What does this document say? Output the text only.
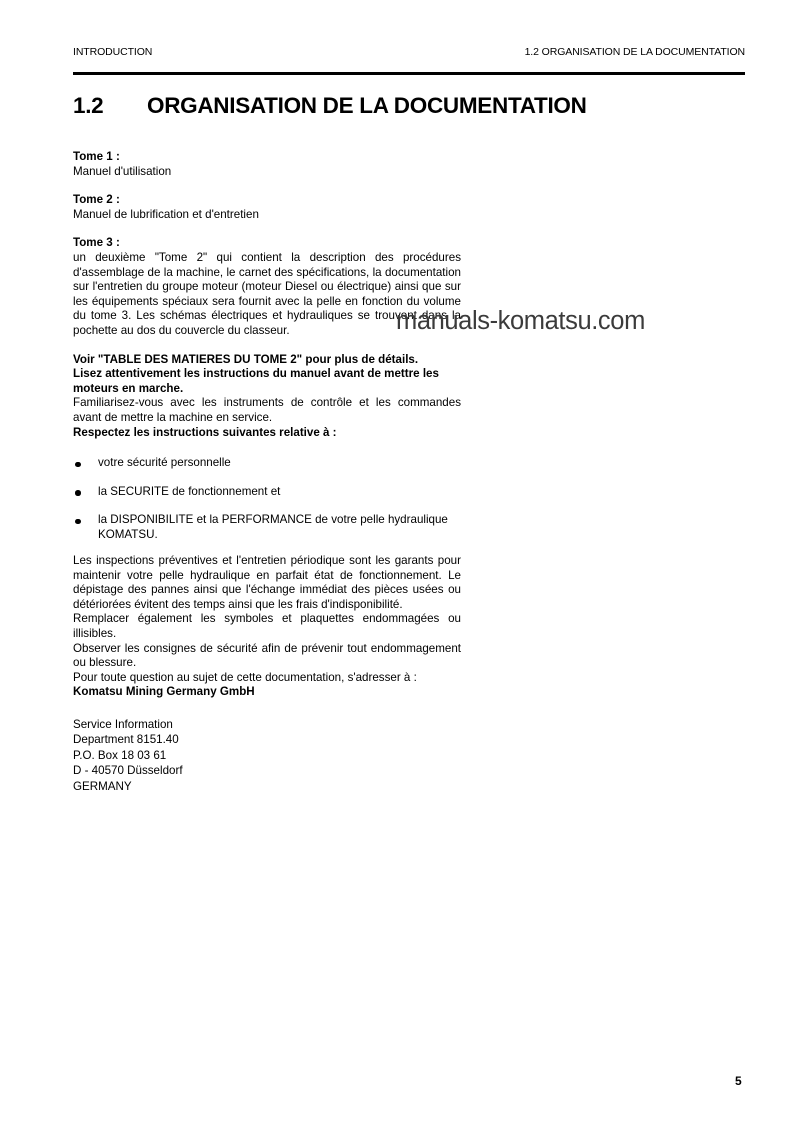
INTRODUCTION	1.2 ORGANISATION DE LA DOCUMENTATION
1.2	ORGANISATION DE LA DOCUMENTATION

Tome 1 :

Manuel d'utilisation

Tome 2 :

Manuel de lubrification et d'entretien

Tome 3 :

un deuxième "Tome 2" qui contient la description des procédures d'assemblage de la machine, le carnet des spécifications, la documentation sur l'entretien du groupe moteur (moteur Diesel ou électrique) ainsi que sur les équipements spéciaux sera fournit avec la pelle en fonction du volume du tome 3. Les schémas électriques et hydrauliques se trouvent dans la pochette au dos du couvercle du classeur.

Voir "TABLE DES MATIERES DU TOME 2" pour plus de détails.

Lisez attentivement les instructions du manuel avant de mettre les moteurs en marche.

Familiarisez-vous avec les instruments de contrôle et les commandes avant de mettre la machine en service.

Respectez les instructions suivantes relative à :

votre sécurité personnelle
la SECURITE de fonctionnement et
la DISPONIBILITE et la PERFORMANCE de votre pelle hydraulique KOMATSU.

Les inspections préventives et l'entretien périodique sont les garants pour maintenir votre pelle hydraulique en parfait état de fonctionnement. Le dépistage des pannes ainsi que l'échange immédiat des pièces usées ou détériorées évitent des temps ainsi que les frais d'indisponibilité.

Remplacer également les symboles et plaquettes endommagées ou illisibles.

Observer les consignes de sécurité afin de prévenir tout endommagement ou blessure.

Pour toute question au sujet de cette documentation, s'adresser à :

Komatsu Mining Germany GmbH

Service Information

Department 8151.40

P.O. Box 18 03 61

D - 40570 Düsseldorf

GERMANY

manuals-komatsu.com
5
